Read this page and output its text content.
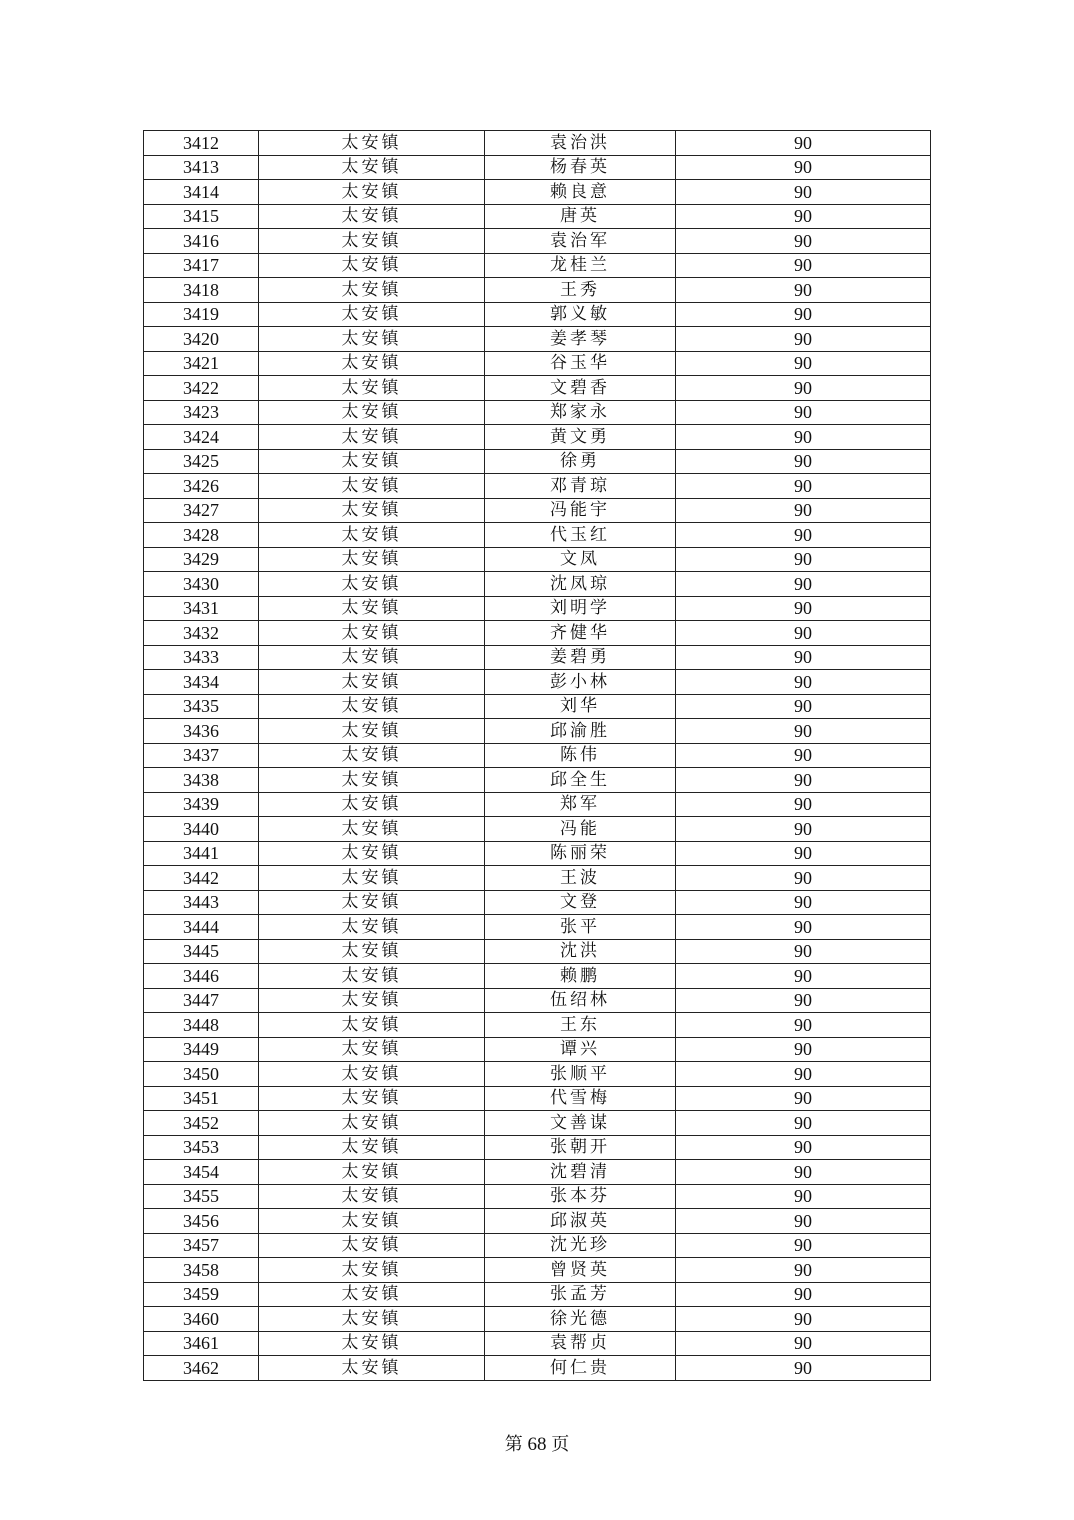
3412	太安镇	袁治洪	90
3413	太安镇	杨春英	90
3414	太安镇	赖良意	90
3415	太安镇	唐英	90
3416	太安镇	袁治军	90
3417	太安镇	龙桂兰	90
3418	太安镇	王秀	90
3419	太安镇	郭义敏	90
3420	太安镇	姜孝琴	90
3421	太安镇	谷玉华	90
3422	太安镇	文碧香	90
3423	太安镇	郑家永	90
3424	太安镇	黄文勇	90
3425	太安镇	徐勇	90
3426	太安镇	邓青琼	90
3427	太安镇	冯能宇	90
3428	太安镇	代玉红	90
3429	太安镇	文凤	90
3430	太安镇	沈凤琼	90
3431	太安镇	刘明学	90
3432	太安镇	齐健华	90
3433	太安镇	姜碧勇	90
3434	太安镇	彭小林	90
3435	太安镇	刘华	90
3436	太安镇	邱渝胜	90
3437	太安镇	陈伟	90
3438	太安镇	邱全生	90
3439	太安镇	郑军	90
3440	太安镇	冯能	90
3441	太安镇	陈丽荣	90
3442	太安镇	王波	90
3443	太安镇	文登	90
3444	太安镇	张平	90
3445	太安镇	沈洪	90
3446	太安镇	赖鹏	90
3447	太安镇	伍绍林	90
3448	太安镇	王东	90
3449	太安镇	谭兴	90
3450	太安镇	张顺平	90
3451	太安镇	代雪梅	90
3452	太安镇	文善谋	90
3453	太安镇	张朝开	90
3454	太安镇	沈碧清	90
3455	太安镇	张本芬	90
3456	太安镇	邱淑英	90
3457	太安镇	沈光珍	90
3458	太安镇	曾贤英	90
3459	太安镇	张孟芳	90
3460	太安镇	徐光德	90
3461	太安镇	袁帮贞	90
3462	太安镇	何仁贵	90
第 68 页
